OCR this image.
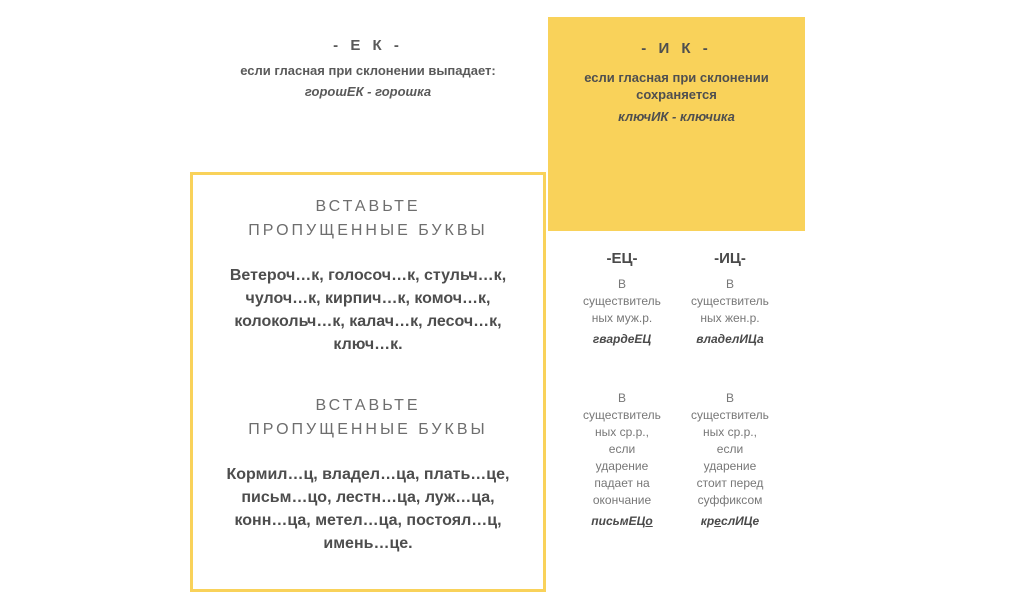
- Е К -
если гласная при склонении выпадает:
горошЕК - горошка
- И К -
если гласная при склонении сохраняется
ключИК - ключика
ВСТАВЬТЕ
ПРОПУЩЕННЫЕ БУКВЫ
Ветероч…к, голосоч…к, стульч…к,
чулоч…к, кирпич…к, комоч…к,
колокольч…к, калач…к, лесоч…к,
ключ…к.
ВСТАВЬТЕ
ПРОПУЩЕННЫЕ БУКВЫ
Кормил…ц, владел…ца, плать…це,
письм…цо, лестн…ца, луж…ца,
конн…ца, метел…ца, постоял…ц,
имень…це.
-ЕЦ-
В
существитель
ных муж.р.
гвардеЕЦ
В
существитель
ных ср.р.,
если
ударение
падает на
окончание
письмЕЦо
-ИЦ-
В
существитель
ных жен.р.
владелИЦа
В
существитель
ных ср.р.,
если
ударение
стоит перед
суффиксом
креслИЦе
